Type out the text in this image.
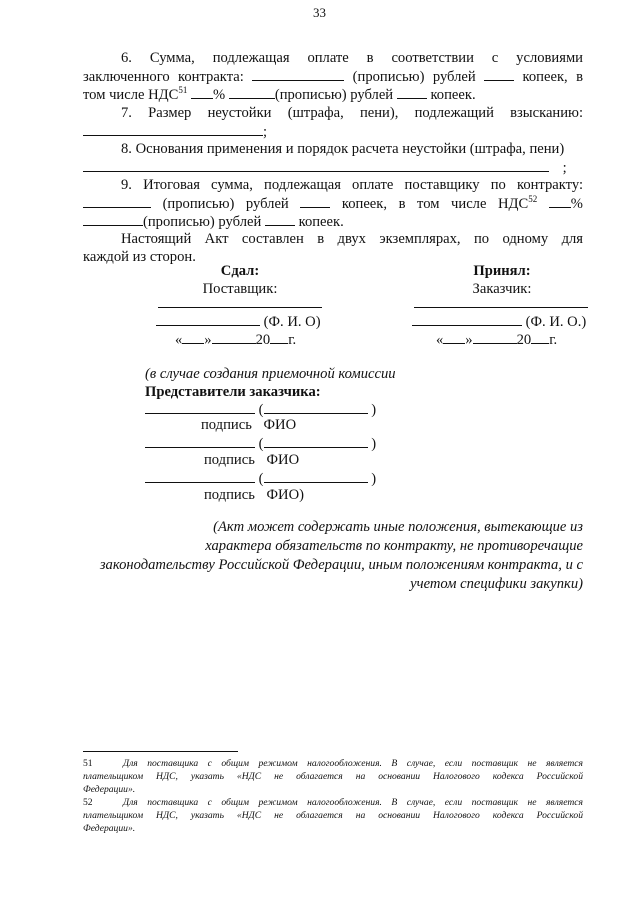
33
6. Сумма, подлежащая оплате в соответствии с условиями
заключенного контракта:	(прописью) рублей	копеек, в
том числе НДС$^{51}$ %	(прописью) рублей	копеек.
7. Размер неустойки (штрафа, пени), подлежащий взысканию:
;
8. Основания применения и порядок расчета неустойки (штрафа, пени)
;
9. Итоговая сумма, подлежащая оплате поставщику по контракту:
(прописью) рублей	копеек, в том числе НДС$^{52}$ %
(прописью) рублей	копеек.
Настоящий Акт составлен в двух экземплярах, по одному для
каждой из сторон.
Сдал:
Поставщик:
(Ф. И. О)
« »	20 г.
Принял:
Заказчик:
(Ф. И. О.)
« »	20 г.
(в случае создания приемочной комиссии
Представители заказчика:
(	)
подпись ФИО
(	)
подпись ФИО
(	)
подпись ФИО)
(Акт может содержать иные положения, вытекающие из
характера обязательств по контракту, не противоречащие
законодательству Российской Федерации, иным положениям контракта, и с
учетом специфики закупки)
51	Для поставщика с общим режимом налогообложения. В случае, если поставщик не является
плательщиком НДС, указать «НДС не облагается на основании Налогового кодекса Российской
Федерации».
52	Для поставщика с общим режимом налогообложения. В случае, если поставщик не является
плательщиком НДС, указать «НДС не облагается на основании Налогового кодекса Российской
Федерации».
